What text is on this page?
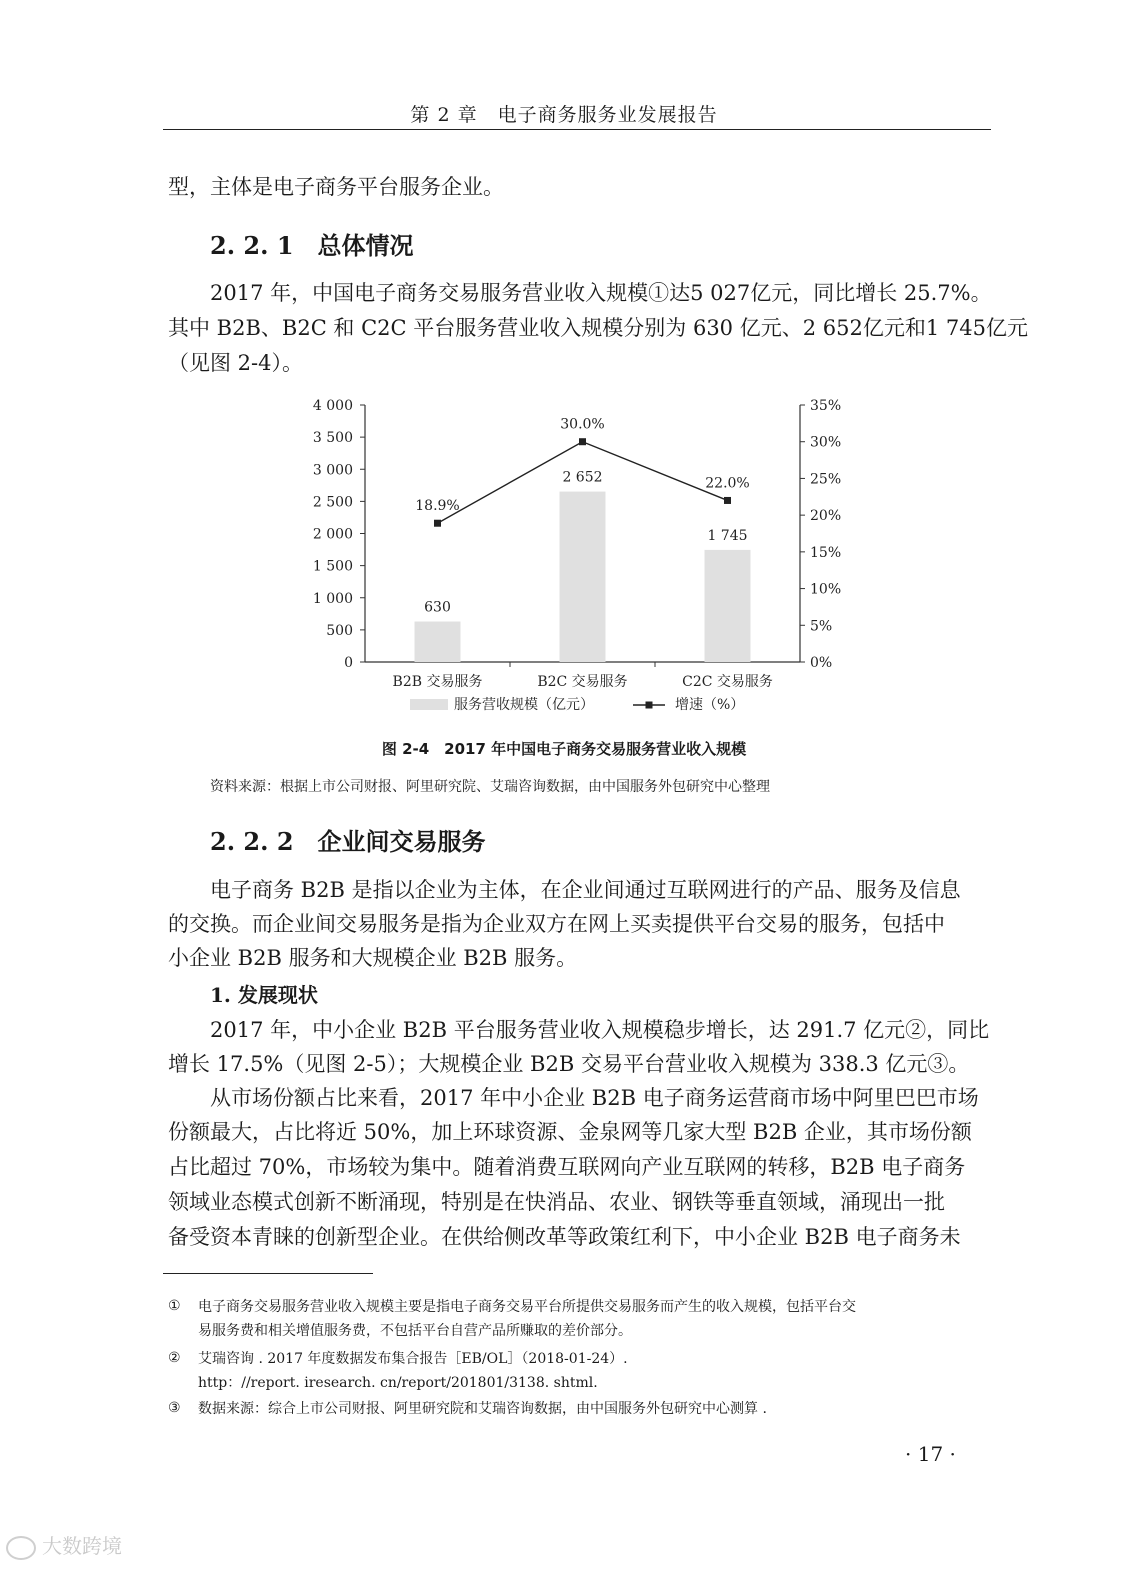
第 2 章　电子商务服务业发展报告
型，主体是电子商务平台服务企业。
2. 2. 1　总体情况
2017 年，中国电子商务交易服务营业收入规模①达5 027亿元，同比增长 25.7%。
其中 B2B、B2C 和 C2C 平台服务营业收入规模分别为 630 亿元、2 652亿元和1 745亿元
（见图 2-4）。
0
500
1 000
1 500
2 000
2 500
3 000
3 500
4 000
0%
5%
10%
15%
20%
25%
30%
35%
630
B2B 交易服务
2 652
B2C 交易服务
1 745
C2C 交易服务
18.9%
30.0%
22.0%
服务营收规模（亿元）	增速（%）
图 2-4　2017 年中国电子商务交易服务营业收入规模
资料来源：根据上市公司财报、阿里研究院、艾瑞咨询数据，由中国服务外包研究中心整理
2. 2. 2　企业间交易服务
电子商务 B2B 是指以企业为主体，在企业间通过互联网进行的产品、服务及信息
的交换。而企业间交易服务是指为企业双方在网上买卖提供平台交易的服务，包括中
小企业 B2B 服务和大规模企业 B2B 服务。
1. 发展现状
2017 年，中小企业 B2B 平台服务营业收入规模稳步增长，达 291.7 亿元②，同比
增长 17.5%（见图 2-5）；大规模企业 B2B 交易平台营业收入规模为 338.3 亿元③。
从市场份额占比来看，2017 年中小企业 B2B 电子商务运营商市场中阿里巴巴市场
份额最大，占比将近 50%，加上环球资源、金泉网等几家大型 B2B 企业，其市场份额
占比超过 70%，市场较为集中。随着消费互联网向产业互联网的转移，B2B 电子商务
领域业态模式创新不断涌现，特别是在快消品、农业、钢铁等垂直领域，涌现出一批
备受资本青睐的创新型企业。在供给侧改革等政策红利下，中小企业 B2B 电子商务未
① 电子商务交易服务营业收入规模主要是指电子商务交易平台所提供交易服务而产生的收入规模，包括平台交
易服务费和相关增值服务费，不包括平台自营产品所赚取的差价部分。
② 艾瑞咨询 . 2017 年度数据发布集合报告［EB/OL］（2018-01-24）.
http：//report. iresearch. cn/report/201801/3138. shtml.
③ 数据来源：综合上市公司财报、阿里研究院和艾瑞咨询数据，由中国服务外包研究中心测算 .
· 17 ·
大数跨境
